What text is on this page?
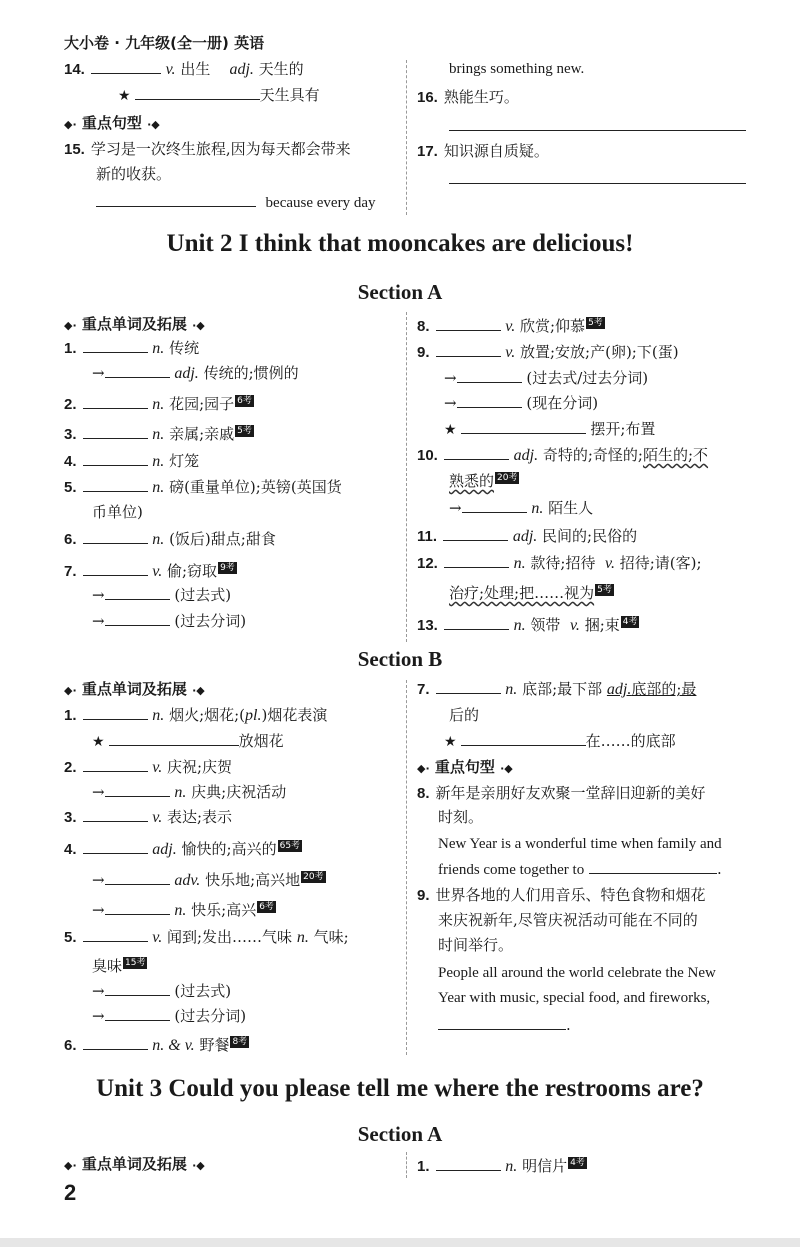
大小卷 · 九年级(全一册) 英语
14.	v. 出生 adj. 天生的
★	天生具有
◆· 重点句型 ·◆
15. 学习是一次终生旅程,因为每天都会带来
新的收获。
because every day
brings something new.
16. 熟能生巧。
17. 知识源自质疑。
Unit 2 I think that mooncakes are delicious!
Section A
◆· 重点单词及拓展 ·◆
1.	n. 传统
→	adj. 传统的;惯例的
2.	n. 花园;园子 6考
3.	n. 亲属;亲戚 5考
4.	n. 灯笼
5.	n. 磅(重量单位);英镑(英国货
币单位)
6.	n. (饭后)甜点;甜食
7.	v. 偷;窃取 9考
→	(过去式)
→	(过去分词)
8.	v. 欣赏;仰慕 5考
9.	v. 放置;安放;产(卵);下(蛋)
→	(过去式/过去分词)
→	(现在分词)
★	摆开;布置
10.	adj. 奇特的;奇怪的;陌生的;不
熟悉的 20考
→	n. 陌生人
11.	adj. 民间的;民俗的
12.	n. 款待;招待 v. 招待;请(客);
治疗;处理;把……视为 5考
13.	n. 领带 v. 捆;束 4考
Section B
◆· 重点单词及拓展 ·◆
1.	n. 烟火;烟花;(pl.)烟花表演
★	放烟花
2.	v. 庆祝;庆贺
→	n. 庆典;庆祝活动
3.	v. 表达;表示
4.	adj. 愉快的;高兴的 65考
→	adv. 快乐地;高兴地 20考
→	n. 快乐;高兴 6考
5.	v. 闻到;发出……气味 n. 气味;
臭味 15考
→	(过去式)
→	(过去分词)
6.	n. & v. 野餐 8考
7.	n. 底部;最下部 adj.底部的;最
后的
★	在……的底部
◆· 重点句型 ·◆
8. 新年是亲朋好友欢聚一堂辞旧迎新的美好
时刻。
New Year is a wonderful time when family and
friends come together to	.
9. 世界各地的人们用音乐、特色食物和烟花
来庆祝新年,尽管庆祝活动可能在不同的
时间举行。
People all around the world celebrate the New
Year with music, special food, and fireworks,
.
Unit 3 Could you please tell me where the restrooms are?
Section A
◆· 重点单词及拓展 ·◆	1.	n. 明信片 4考
2
